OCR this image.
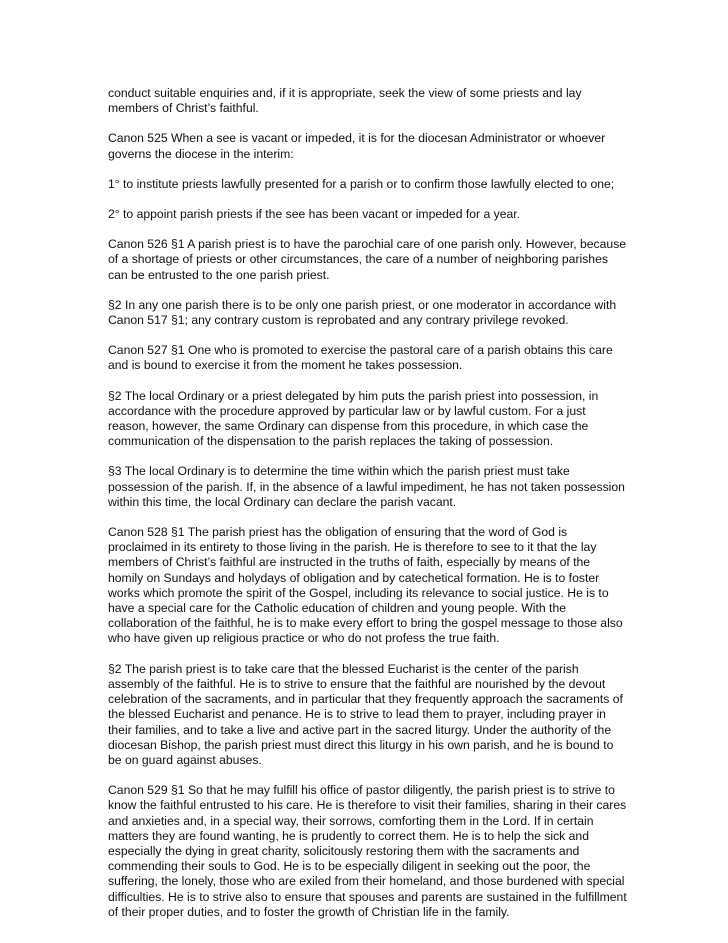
conduct suitable enquiries and, if it is appropriate, seek the view of some priests and lay members of Christ’s faithful.

Canon 525 When a see is vacant or impeded, it is for the diocesan Administrator or whoever governs the diocese in the interim:

1° to institute priests lawfully presented for a parish or to confirm those lawfully elected to one;

2° to appoint parish priests if the see has been vacant or impeded for a year.

Canon 526 §1 A parish priest is to have the parochial care of one parish only. However, because of a shortage of priests or other circumstances, the care of a number of neighboring parishes can be entrusted to the one parish priest.

§2 In any one parish there is to be only one parish priest, or one moderator in accordance with Canon 517 §1; any contrary custom is reprobated and any contrary privilege revoked.

Canon 527 §1 One who is promoted to exercise the pastoral care of a parish obtains this care and is bound to exercise it from the moment he takes possession.

§2 The local Ordinary or a priest delegated by him puts the parish priest into possession, in accordance with the procedure approved by particular law or by lawful custom. For a just reason, however, the same Ordinary can dispense from this procedure, in which case the communication of the dispensation to the parish replaces the taking of possession.

§3 The local Ordinary is to determine the time within which the parish priest must take possession of the parish. If, in the absence of a lawful impediment, he has not taken possession within this time, the local Ordinary can declare the parish vacant.

Canon 528 §1 The parish priest has the obligation of ensuring that the word of God is proclaimed in its entirety to those living in the parish. He is therefore to see to it that the lay members of Christ’s faithful are instructed in the truths of faith, especially by means of the homily on Sundays and holydays of obligation and by catechetical formation. He is to foster works which promote the spirit of the Gospel, including its relevance to social justice. He is to have a special care for the Catholic education of children and young people. With the collaboration of the faithful, he is to make every effort to bring the gospel message to those also who have given up religious practice or who do not profess the true faith.

§2 The parish priest is to take care that the blessed Eucharist is the center of the parish assembly of the faithful. He is to strive to ensure that the faithful are nourished by the devout celebration of the sacraments, and in particular that they frequently approach the sacraments of the blessed Eucharist and penance. He is to strive to lead them to prayer, including prayer in their families, and to take a live and active part in the sacred liturgy. Under the authority of the diocesan Bishop, the parish priest must direct this liturgy in his own parish, and he is bound to be on guard against abuses.

Canon 529 §1 So that he may fulfill his office of pastor diligently, the parish priest is to strive to know the faithful entrusted to his care. He is therefore to visit their families, sharing in their cares and anxieties and, in a special way, their sorrows, comforting them in the Lord. If in certain matters they are found wanting, he is prudently to correct them. He is to help the sick and especially the dying in great charity, solicitously restoring them with the sacraments and commending their souls to God. He is to be especially diligent in seeking out the poor, the suffering, the lonely, those who are exiled from their homeland, and those burdened with special difficulties. He is to strive also to ensure that spouses and parents are sustained in the fulfillment of their proper duties, and to foster the growth of Christian life in the family.
